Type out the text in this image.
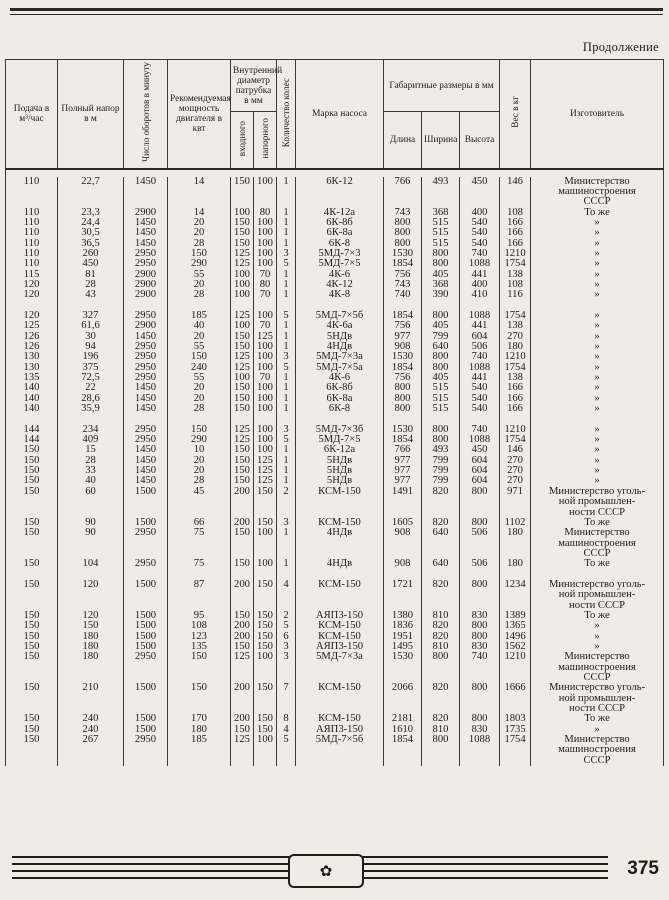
Продолжение
Подача в м³/час	Полный напор в м	Число оборотов в минуту	Рекомендуемая мощность двигателя в квт	Внутренний диаметр патрубка в мм		Количество колес	Марка насоса	Габаритные размеры в мм			Вес в кг	Изготовитель
				входного	напорного			Длина	Ширина	Высота		

110	22,7	1450	14	150	100	1	6К-12	766	493	450	146	Министерство
												машиностроения
												СССР
110	23,3	2900	14	100	80	1	4К-12а	743	368	400	108	То же
110	24,4	1450	20	150	100	1	6К-8б	800	515	540	166	»
110	30,5	1450	20	150	100	1	6К-8а	800	515	540	166	»
110	36,5	1450	28	150	100	1	6К-8	800	515	540	166	»
110	260	2950	150	125	100	3	5МД-7×3	1530	800	740	1210	»
110	450	2950	290	125	100	5	5МД-7×5	1854	800	1088	1754	»
115	81	2900	55	100	70	1	4К-6	756	405	441	138	»
120	28	2900	20	100	80	1	4К-12	743	368	400	108	»
120	43	2900	28	100	70	1	4К-8	740	390	410	116	»

120	327	2950	185	125	100	5	5МД-7×5б	1854	800	1088	1754	»
125	61,6	2900	40	100	70	1	4К-6а	756	405	441	138	»
126	30	1450	20	150	125	1	5НДв	977	799	604	270	»
126	94	2950	55	150	100	1	4НДв	908	640	506	180	»
130	196	2950	150	125	100	3	5МД-7×3а	1530	800	740	1210	»
130	375	2950	240	125	100	5	5МД-7×5а	1854	800	1088	1754	»
135	72,5	2950	55	100	70	1	4К-6	756	405	441	138	»
140	22	1450	20	150	100	1	6К-8б	800	515	540	166	»
140	28,6	1450	20	150	100	1	6К-8а	800	515	540	166	»
140	35,9	1450	28	150	100	1	6К-8	800	515	540	166	»

144	234	2950	150	125	100	3	5МД-7×3б	1530	800	740	1210	»
144	409	2950	290	125	100	5	5МД-7×5	1854	800	1088	1754	»
150	15	1450	10	150	100	1	6К-12а	766	493	450	146	»
150	28	1450	20	150	125	1	5НДв	977	799	604	270	»
150	33	1450	20	150	125	1	5НДв	977	799	604	270	»
150	40	1450	28	150	125	1	5НДв	977	799	604	270	»
150	60	1500	45	200	150	2	КСМ-150	1491	820	800	971	Министерство уголь-
												ной промышлен-
												ности СССР
150	90	1500	66	200	150	3	КСМ-150	1605	820	800	1102	То же
150	90	2950	75	150	100	1	4НДв	908	640	506	180	Министерство
												машиностроения
												СССР
150	104	2950	75	150	100	1	4НДв	908	640	506	180	То же

150	120	1500	87	200	150	4	КСМ-150	1721	820	800	1234	Министерство уголь-
												ной промышлен-
												ности СССР
150	120	1500	95	150	150	2	АЯП3-150	1380	810	830	1389	То же
150	150	1500	108	200	150	5	КСМ-150	1836	820	800	1365	»
150	180	1500	123	200	150	6	КСМ-150	1951	820	800	1496	»
150	180	1500	135	150	150	3	АЯП3-150	1495	810	830	1562	»
150	180	2950	150	125	100	3	5МД-7×3а	1530	800	740	1210	Министерство
												машиностроения
												СССР
150	210	1500	150	200	150	7	КСМ-150	2066	820	800	1666	Министерство уголь-
												ной промышлен-
												ности СССР
150	240	1500	170	200	150	8	КСМ-150	2181	820	800	1803	То же
150	240	1500	180	150	150	4	АЯП3-150	1610	810	830	1735	»
150	267	2950	185	125	100	5	5МД-7×5б	1854	800	1088	1754	Министерство
												машиностроения
												СССР
✿	375
